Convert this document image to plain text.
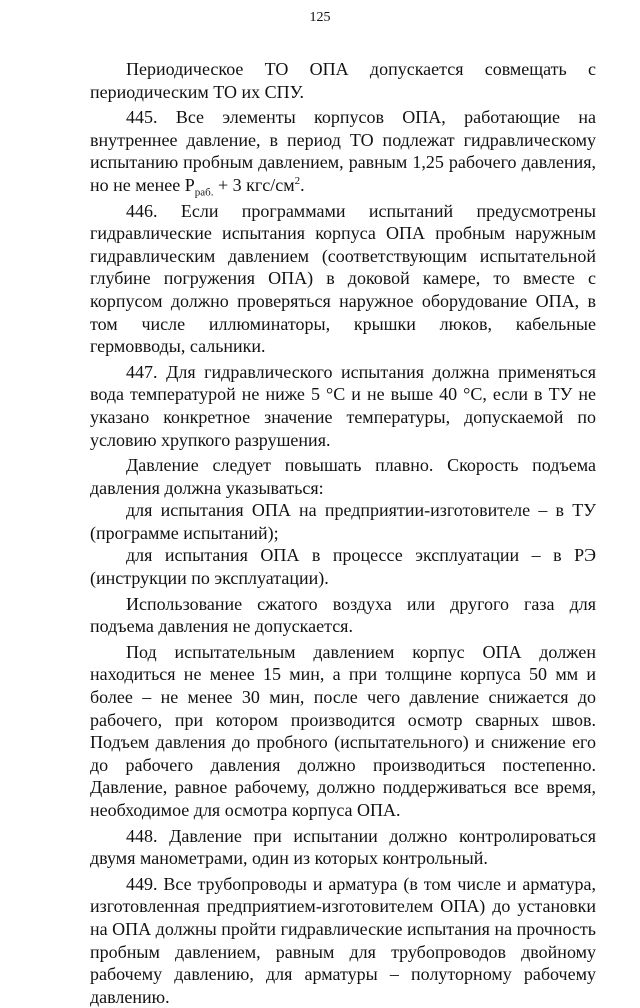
125

Периодическое ТО ОПА допускается совмещать с периодическим ТО их СПУ.

445. Все элементы корпусов ОПА, работающие на внутреннее давление, в период ТО подлежат гидравлическому испытанию пробным давлением, равным 1,25 рабочего давления, но не менее $P_{раб.} + 3$ кгс/$см^2$.

446. Если программами испытаний предусмотрены гидравлические испытания корпуса ОПА пробным наружным гидравлическим давлением (соответствующим испытательной глубине погружения ОПА) в доковой камере, то вместе с корпусом должно проверяться наружное оборудование ОПА, в том числе иллюминаторы, крышки люков, кабельные гермовводы, сальники.

447. Для гидравлического испытания должна применяться вода температурой не ниже 5 °С и не выше 40 °С, если в ТУ не указано конкретное значение температуры, допускаемой по условию хрупкого разрушения.

Давление следует повышать плавно. Скорость подъема давления должна указываться:

для испытания ОПА на предприятии-изготовителе – в ТУ (программе испытаний);

для испытания ОПА в процессе эксплуатации – в РЭ (инструкции по эксплуатации).

Использование сжатого воздуха или другого газа для подъема давления не допускается.

Под испытательным давлением корпус ОПА должен находиться не менее 15 мин, а при толщине корпуса 50 мм и более – не менее 30 мин, после чего давление снижается до рабочего, при котором производится осмотр сварных швов. Подъем давления до пробного (испытательного) и снижение его до рабочего давления должно производиться постепенно. Давление, равное рабочему, должно поддерживаться все время, необходимое для осмотра корпуса ОПА.

448. Давление при испытании должно контролироваться двумя манометрами, один из которых контрольный.

449. Все трубопроводы и арматура (в том числе и арматура, изготовленная предприятием-изготовителем ОПА) до установки на ОПА должны пройти гидравлические испытания на прочность пробным давлением, равным для трубопроводов двойному рабочему давлению, для арматуры – полуторному рабочему давлению.
